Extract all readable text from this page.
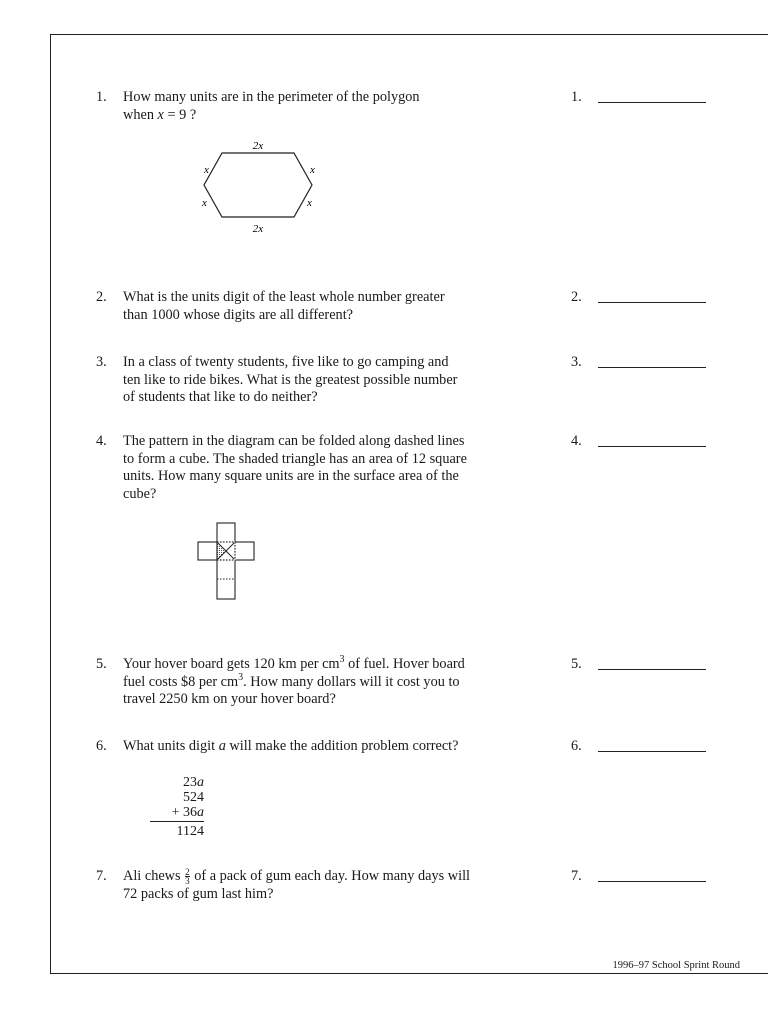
1.	How many units are in the perimeter of the polygon
when x = 9 ?
1.
2x
2x
x	x
x	x
2.	What is the units digit of the least whole number greater
than 1000 whose digits are all different?
2.
3.	In a class of twenty students, five like to go camping and
ten like to ride bikes. What is the greatest possible number
of students that like to do neither?
3.
4.	The pattern in the diagram can be folded along dashed lines
to form a cube. The shaded triangle has an area of 12 square
units. How many square units are in the surface area of the
cube?
4.
5.	Your hover board gets 120 km per $cm^3$ of fuel. Hover board
fuel costs $8 per $cm^3$. How many dollars will it cost you to
travel 2250 km on your hover board?
5.
6.	What units digit a will make the addition problem correct?	6.
23a
524
+ 36a
1124
7.	Ali chews $\frac{2}{3}$ of a pack of gum each day. How many days will
72 packs of gum last him?
7.
1996–97 School Sprint Round
